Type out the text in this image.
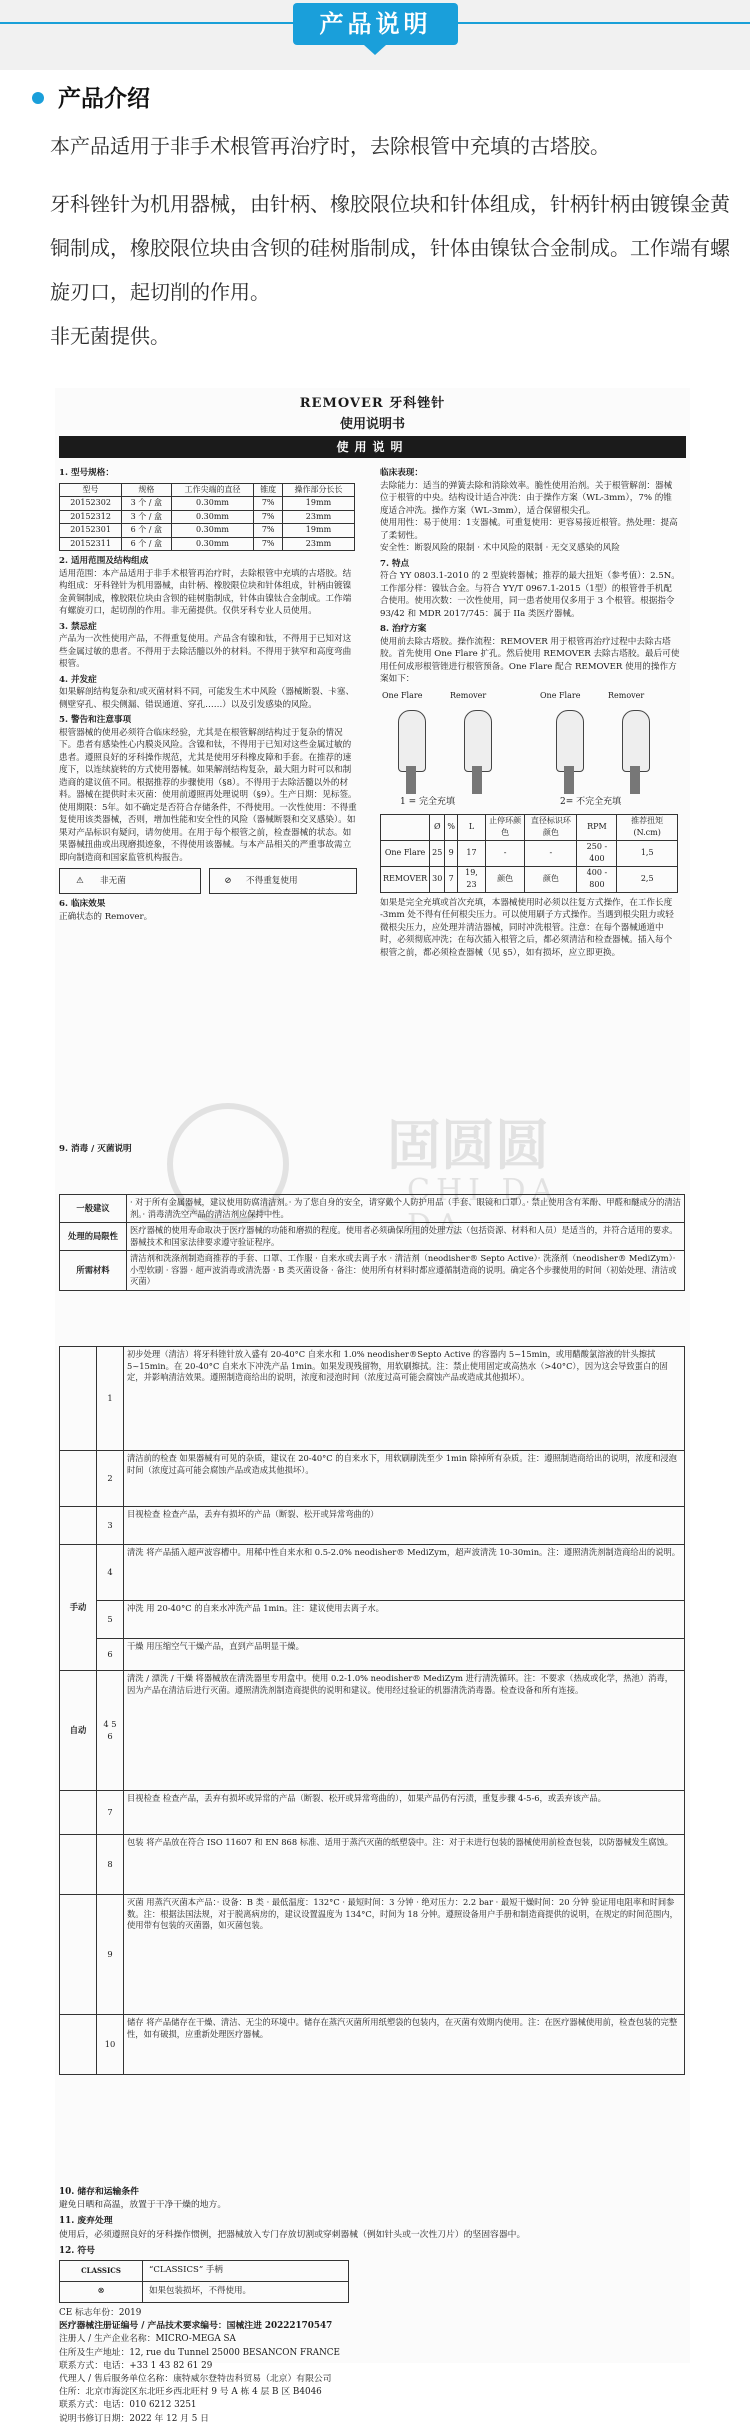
产品说明
产品介绍

本产品适用于非手术根管再治疗时，去除根管中充填的古塔胶。

牙科锉针为机用器械，由针柄、橡胶限位块和针体组成，针柄针柄由镀镍金黄铜制成，橡胶限位块由含钡的硅树脂制成，针体由镍钛合金制成。工作端有螺旋刃口，起切削的作用。

非无菌提供。

REMOVER 牙科锉针
使用说明书
使用说明
1. 型号规格：
型号	规格	工作尖端的直径	锥度	操作部分长长
20152302	3 个 / 盒	0.30mm	7%	19mm
20152312	3 个 / 盒	0.30mm	7%	23mm
20152301	6 个 / 盒	0.30mm	7%	19mm
20152311	6 个 / 盒	0.30mm	7%	23mm
2. 适用范围及结构组成

适用范围：本产品适用于非手术根管再治疗时，去除根管中充填的古塔胶。结构组成：牙科锉针为机用器械，由针柄、橡胶限位块和针体组成，针柄由镀镍金黄铜制成，橡胶限位块由含钡的硅树脂制成，针体由镍钛合金制成。工作端有螺旋刃口，起切削的作用。非无菌提供。仅供牙科专业人员使用。

3. 禁忌症

产品为一次性使用产品，不得重复使用。产品含有镍和钛，不得用于已知对这些金属过敏的患者。不得用于去除活髓以外的材料。不得用于狭窄和高度弯曲根管。

4. 并发症

如果解剖结构复杂和/或灭菌材料不同，可能发生术中风险（器械断裂、卡塞、侧壁穿孔、根尖侧漏、错误通道、穿孔……）以及引发感染的风险。

5. 警告和注意事项

根管器械的使用必须符合临床经验，尤其是在根管解剖结构过于复杂的情况下。患者有感染性心内膜炎风险。含镍和钛，不得用于已知对这些金属过敏的患者。遵照良好的牙科操作规范，尤其是使用牙科橡皮障和手套。在推荐的速度下，以连续旋转的方式使用器械。如果解剖结构复杂，最大阻力时可以和制造商的建议值不同。根据推荐的步骤使用（§8）。不得用于去除活髓以外的材料。器械在提供时未灭菌：使用前遵照再处理说明（§9）。生产日期：见标签。使用期限：5年。如不确定是否符合存储条件，不得使用。一次性使用：不得重复使用该类器械，否则，增加性能和安全性的风险（器械断裂和交叉感染）。如果对产品标识有疑问，请勿使用。在用于每个根管之前，检查器械的状态。如果器械扭曲或出现磨损迹象，不得使用该器械。与本产品相关的严重事故需立即向制造商和国家监管机构报告。

⚠ 非无菌	⊘ 不得重复使用
6. 临床效果

正确状态的 Remover。

临床表现：

去除能力：适当的弹簧去除和消除效率。脆性使用治剂。关于根管解剖：器械位于根管的中央。结构设计适合冲洗：由于操作方案（WL-3mm），7% 的锥度适合冲洗。操作方案（WL-3mm），适合保留根尖孔。

使用用性：易于使用：1支器械。可重复使用：更容易接近根管。热处理：提高了柔韧性。

安全性：断裂风险的限制 · 术中风险的限制 · 无交叉感染的风险

7. 特点

符合 YY 0803.1-2010 的 2 型旋转器械；推荐的最大扭矩（参考值）：2.5N。工作部分样：镍钛合金。与符合 YY/T 0967.1-2015（1型）的根管骨手机配合使用。使用次数：一次性使用，同一患者使用仅多用于 3 个根管。根据指令 93/42 和 MDR 2017/745：属于 IIa 类医疗器械。

8. 治疗方案

使用前去除古塔胶。操作流程：REMOVER 用于根管再治疗过程中去除古塔胶。首先使用 One Flare 扩孔。然后使用 REMOVER 去除古塔胶。最后可使用任何成形根管锉进行根管预备。One Flare 配合 REMOVER 使用的操作方案如下：

One Flare	Remover	One Flare	Remover
1 = 完全充填	2= 不完全充填
	Ø	%	L	止停环颜色	直径标识环颜色	RPM	推荐扭矩 (N.cm)
One Flare	25	9	17	-	-	250 - 400	1,5
REMOVER	30	7	19, 23	颜色	颜色	400 - 800	2,5

如果是完全充填或首次充填，本器械使用时必须以往复方式操作，在工作长度 -3mm 处不得有任何根尖压力。可以使用刷子方式操作。当遇到根尖阻力或轻微根尖压力，应处理并清洁器械，同时冲洗根管。注意：在每个器械通道中时，必须彻底冲洗；在每次插入根管之后，都必须清洁和检查器械。插入每个根管之前，都必须检查器械（见 §5），如有损坏，应立即更换。

固圆圆
CHI DA DA
9. 消毒 / 灭菌说明
一般建议	· 对于所有金属器械，建议使用防腐清洁剂。· 为了您自身的安全，请穿戴个人防护用品（手套、眼镜和口罩）。· 禁止使用含有苯酚、甲醛和醚成分的清洁剂。· 消毒清洗空产品的清洁剂应保持中性。
处理的局限性	医疗器械的使用寿命取决于医疗器械的功能和磨损的程度。使用者必须确保所用的处理方法（包括资源、材料和人员）是适当的，并符合适用的要求。器械技术和国家法律要求遵守验证程序。
所需材料	清洁剂和洗涤剂制造商推荐的手套、口罩、工作服 · 自来水或去离子水 · 清洁剂（neodisher® Septo Active）· 洗涤剂（neodisher® MediZym）· 小型软刷 · 容器 · 超声波消毒或清洗器 · B 类灭菌设备 · 备注：使用所有材料时都应遵循制造商的说明。确定各个步骤使用的时间（初始处理、清洁或灭菌）
	1	初步处理（清洁）将牙科锉针放入盛有 20-40°C 自来水和 1.0% neodisher®Septo Active 的容器内 5~15min，或用醋酸氯溶液的针头擦拭 5~15min。在 20-40°C 自来水下冲洗产品 1min。如果发现残留物，用软刷擦拭。注：禁止使用固定或高热水（>40°C），因为这会导致蛋白的固定，并影响清洁效果。遵照制造商给出的说明，浓度和浸泡时间（浓度过高可能会腐蚀产品或造成其他损坏）。
	2	清洁前的检查 如果器械有可见的杂质，建议在 20-40°C 的自来水下，用软刷刷洗至少 1min 除掉所有杂质。注：遵照制造商给出的说明，浓度和浸泡时间（浓度过高可能会腐蚀产品或造成其他损坏）。
	3	目视检查 检查产品，丢弃有损坏的产品（断裂、松开或异常弯曲的）
手动	4	清洗 将产品插入超声波容槽中。用稀中性自来水和 0.5-2.0% neodisher® MediZym，超声波清洗 10-30min。注：遵照清洗剂制造商给出的说明。
	5	冲洗 用 20-40°C 的自来水冲洗产品 1min。注：建议使用去离子水。
	6	干燥 用压缩空气干燥产品，直到产品明显干燥。
自动	4 5 6	清洗 / 漂洗 / 干燥 将器械放在清洗器里专用盒中。使用 0.2-1.0% neodisher® MediZym 进行清洗循环。注：不要求（热成或化学，热池）消毒，因为产品在清洁后进行灭菌。遵照清洗剂制造商提供的说明和建议。使用经过验证的机器清洗消毒器。检查设备和所有连接。
	7	目视检查 检查产品，丢弃有损坏或异常的产品（断裂、松开或异常弯曲的），如果产品仍有污渍，重复步骤 4-5-6，或丢弃该产品。
	8	包装 将产品放在符合 ISO 11607 和 EN 868 标准、适用于蒸汽灭菌的纸塑袋中。注：对于未进行包装的器械使用前检查包装，以防器械发生腐蚀。
	9	灭菌 用蒸汽灭菌本产品：· 设备：B 类 · 最低温度：132°C · 最短时间：3 分钟 · 绝对压力：2.2 bar · 最短干燥时间：20 分钟 验证用电阻率和时间参数。注：根据法国法规，对于脱离病房的，建议设置温度为 134°C，时间为 18 分钟。遵照设备用户手册和制造商提供的说明，在规定的时间范围内，使用带有包装的灭菌器，如灭菌包装。
	10	储存 将产品储存在干燥、清洁、无尘的环境中。储存在蒸汽灭菌所用纸塑袋的包装内，在灭菌有效期内使用。注：在医疗器械使用前，检查包装的完整性，如有破损，应重新处理医疗器械。
10. 储存和运输条件

避免日晒和高温，放置于干净干燥的地方。

11. 废弃处理

使用后，必须遵照良好的牙科操作惯例，把器械放入专门存放切割或穿刺器械（例如针头或一次性刀片）的坚固容器中。

12. 符号
CLASSICS	“CLASSICS” 手柄
⊗	如果包装损坏，不得使用。

CE 标志年份：2019

医疗器械注册证编号 / 产品技术要求编号：国械注进 20222170547

注册人 / 生产企业名称：MICRO-MEGA SA

住所及生产地址：12, rue du Tunnel 25000 BESANCON FRANCE

联系方式：电话：+33 1 43 82 61 29

代理人 / 售后服务单位名称：康特威尔登特齿科贸易（北京）有限公司

住所：北京市海淀区东北旺乡西北旺村 9 号 A 栋 4 层 B 区 B4046

联系方式：电话：010 6212 3251

说明书修订日期：2022 年 12 月 5 日
